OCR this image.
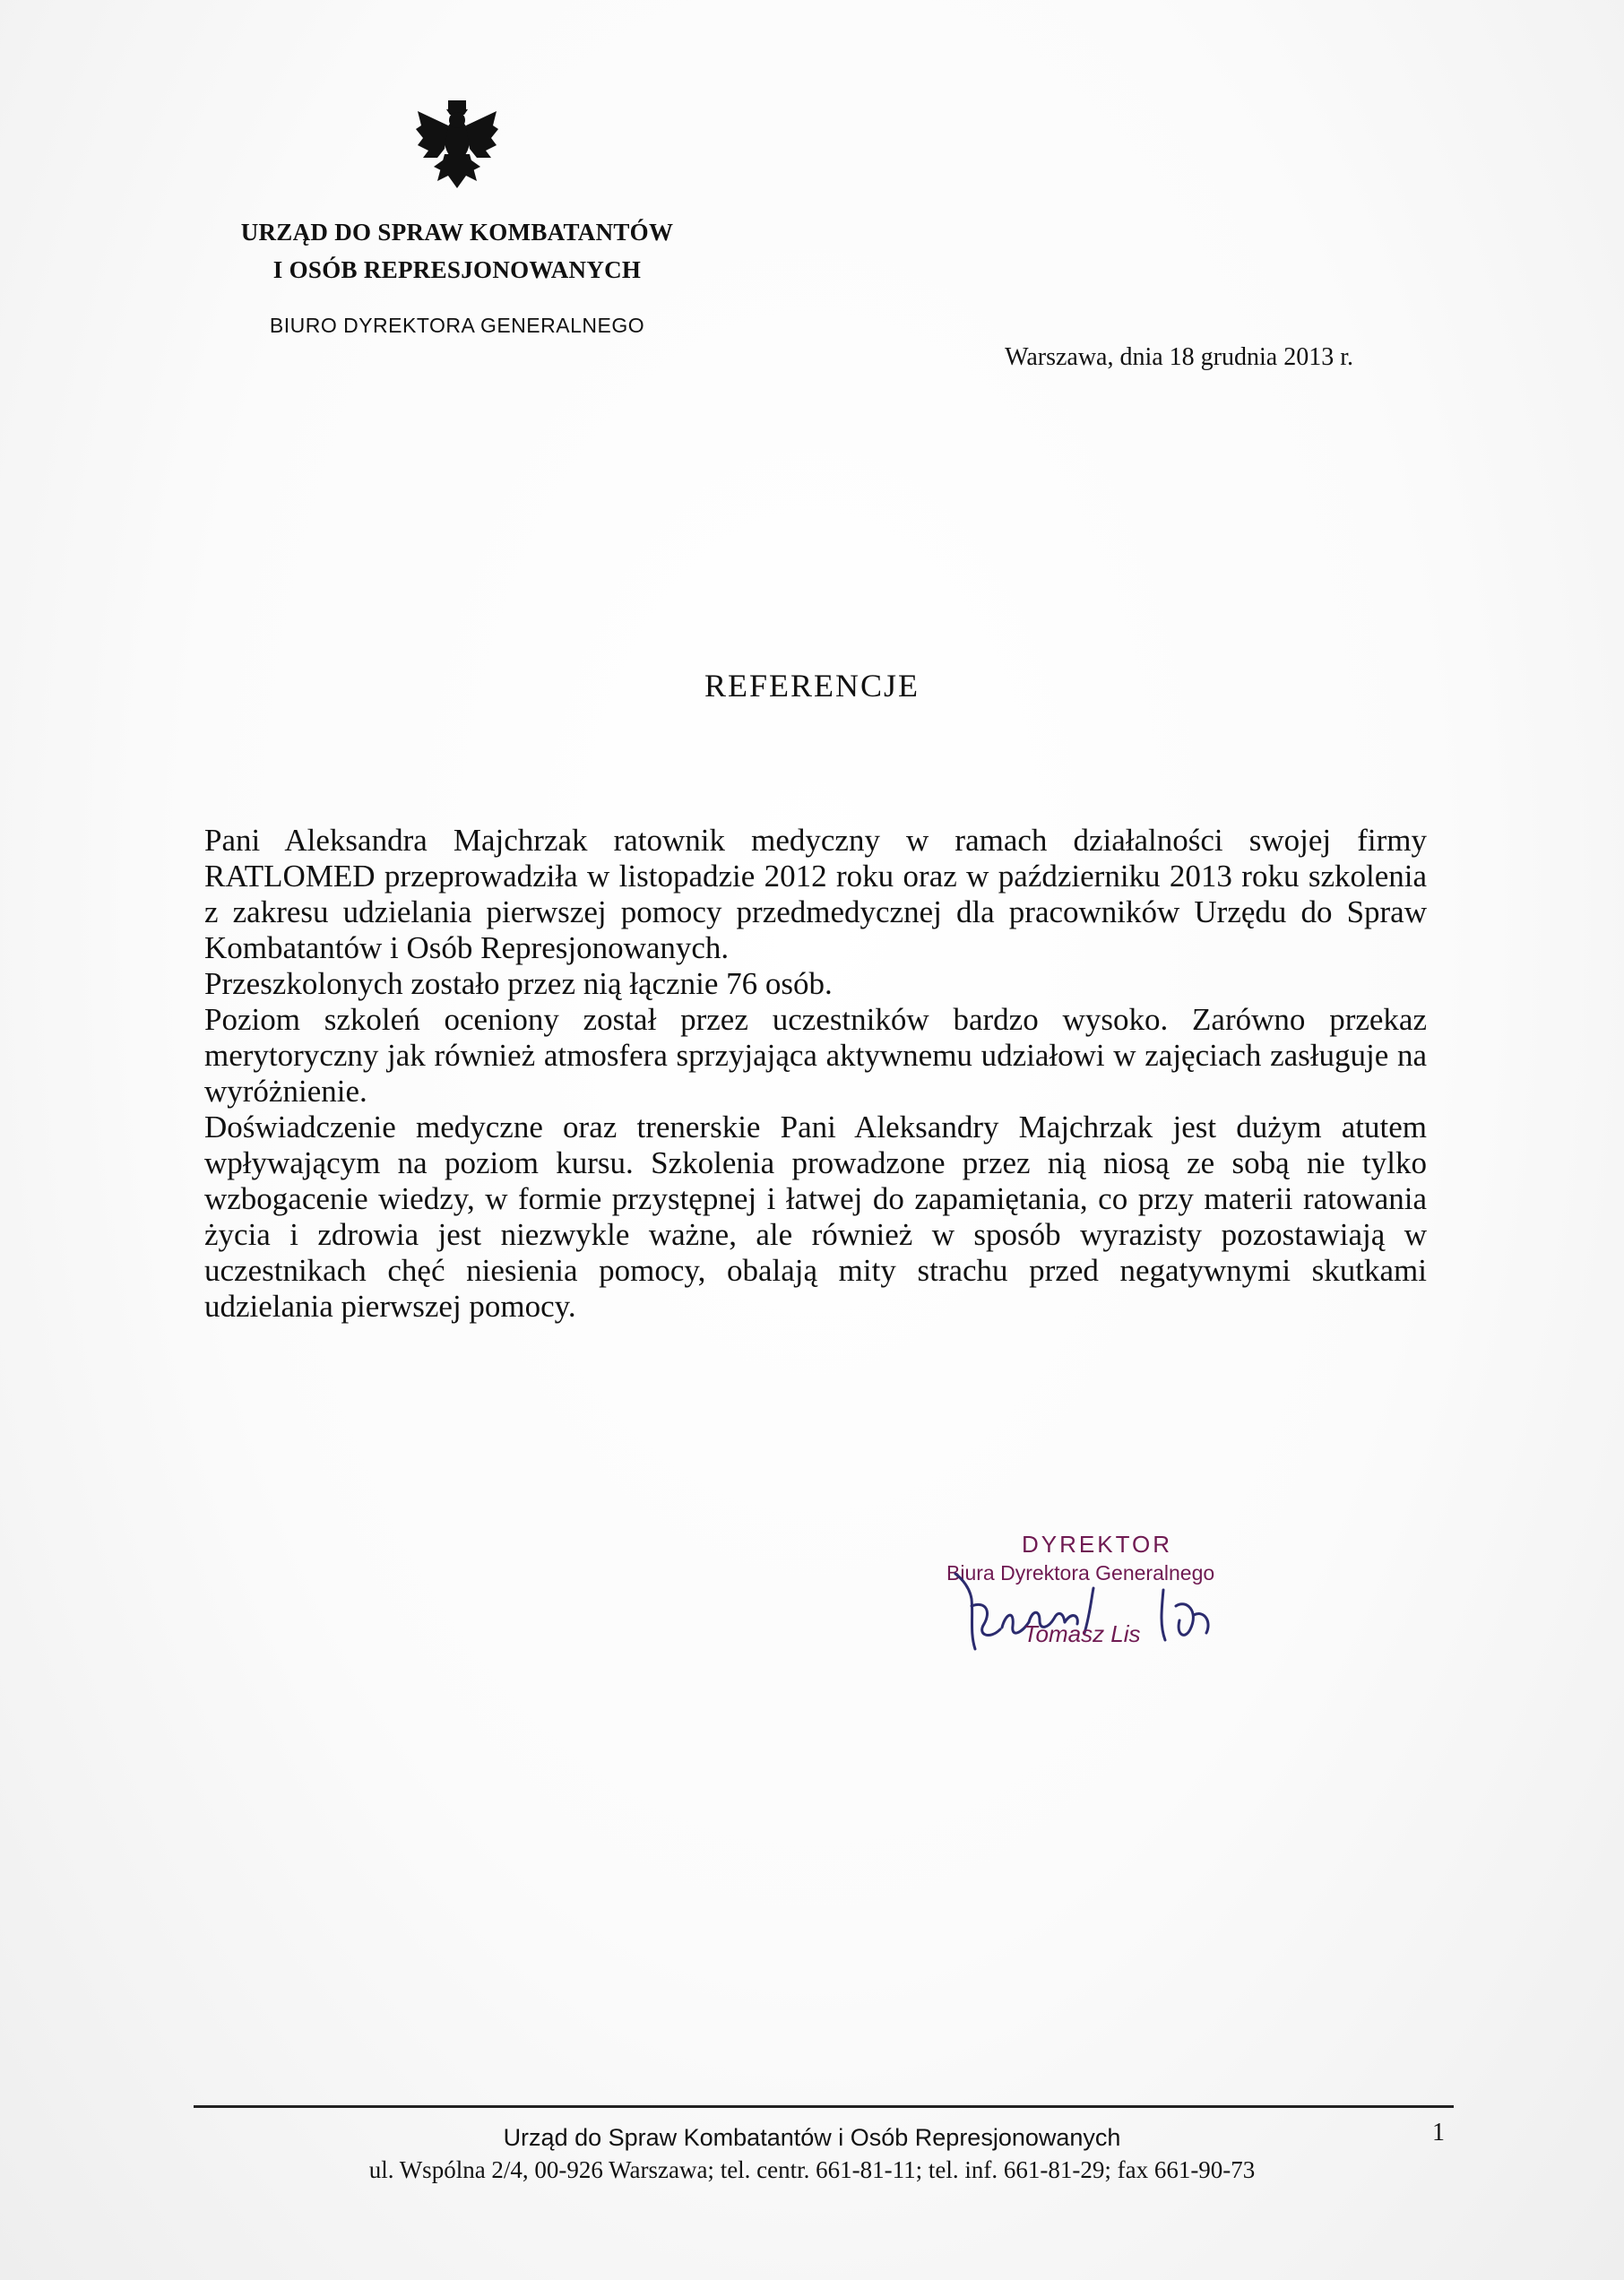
URZĄD DO SPRAW KOMBATANTÓW
I OSÓB REPRESJONOWANYCH
BIURO DYREKTORA GENERALNEGO
Warszawa, dnia 18 grudnia 2013 r.
REFERENCJE

Pani Aleksandra Majchrzak ratownik medyczny w ramach działalności swojej firmy RATLOMED przeprowadziła w listopadzie 2012 roku oraz w październiku 2013 roku szkolenia z zakresu udzielania pierwszej pomocy przedmedycznej dla pracowników Urzędu do Spraw Kombatantów i Osób Represjonowanych.

Przeszkolonych zostało przez nią łącznie 76 osób.

Poziom szkoleń oceniony został przez uczestników bardzo wysoko. Zarówno przekaz merytoryczny jak również atmosfera sprzyjająca aktywnemu udziałowi w zajęciach zasługuje na wyróżnienie.

Doświadczenie medyczne oraz trenerskie Pani Aleksandry Majchrzak jest dużym atutem wpływającym na poziom kursu. Szkolenia prowadzone przez nią niosą ze sobą nie tylko wzbogacenie wiedzy, w formie przystępnej i łatwej do zapamiętania, co przy materii ratowania życia i zdrowia jest niezwykle ważne, ale również w sposób wyrazisty pozostawiają w uczestnikach chęć niesienia pomocy, obalają mity strachu przed negatywnymi skutkami udzielania pierwszej pomocy.

DYREKTOR
Biura Dyrektora Generalnego
Tomasz Lis
1
Urząd do Spraw Kombatantów i Osób Represjonowanych
ul. Wspólna 2/4, 00-926 Warszawa; tel. centr. 661-81-11; tel. inf. 661-81-29; fax 661-90-73
